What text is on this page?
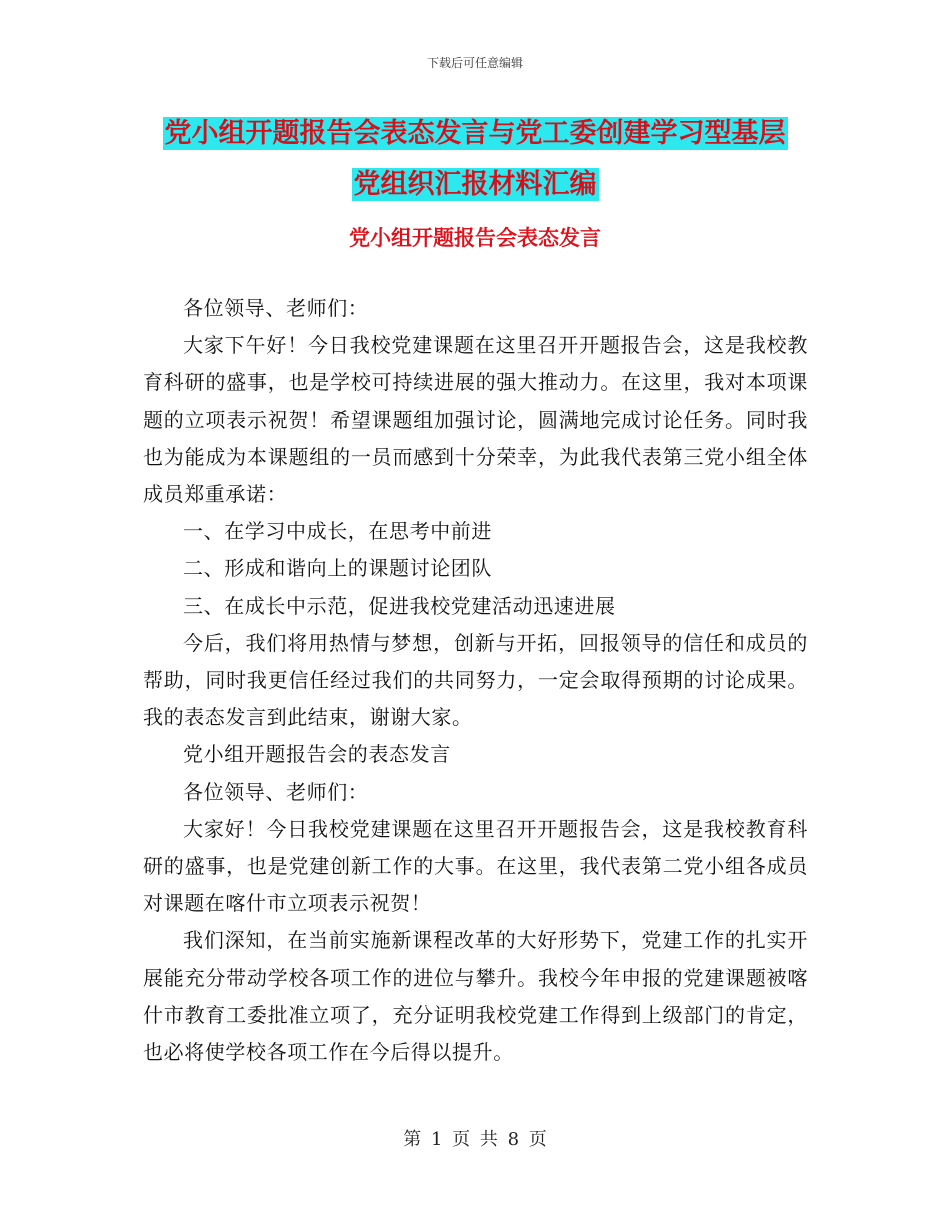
下载后可任意编辑
党小组开题报告会表态发言与党工委创建学习型基层
党组织汇报材料汇编
党小组开题报告会表态发言

各位领导、老师们：

大家下午好！今日我校党建课题在这里召开开题报告会，这是我校教育科研的盛事，也是学校可持续进展的强大推动力。在这里，我对本项课题的立项表示祝贺！希望课题组加强讨论，圆满地完成讨论任务。同时我也为能成为本课题组的一员而感到十分荣幸，为此我代表第三党小组全体成员郑重承诺：

一、在学习中成长，在思考中前进

二、形成和谐向上的课题讨论团队

三、在成长中示范，促进我校党建活动迅速进展

今后，我们将用热情与梦想，创新与开拓，回报领导的信任和成员的帮助，同时我更信任经过我们的共同努力，一定会取得预期的讨论成果。我的表态发言到此结束，谢谢大家。

党小组开题报告会的表态发言

各位领导、老师们：

大家好！今日我校党建课题在这里召开开题报告会，这是我校教育科研的盛事，也是党建创新工作的大事。在这里，我代表第二党小组各成员对课题在喀什市立项表示祝贺！

我们深知，在当前实施新课程改革的大好形势下，党建工作的扎实开展能充分带动学校各项工作的进位与攀升。我校今年申报的党建课题被喀什市教育工委批准立项了，充分证明我校党建工作得到上级部门的肯定，也必将使学校各项工作在今后得以提升。

第 1 页 共 8 页
